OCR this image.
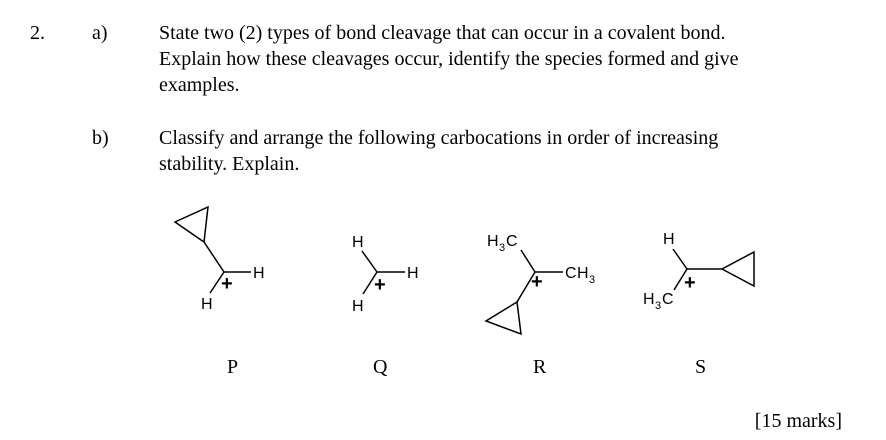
2. a)	State two (2) types of bond cleavage that can occur in a covalent bond.
Explain how these cleavages occur, identify the species formed and give
examples.
b)	Classify and arrange the following carbocations in order of increasing
stability. Explain.
H
H
H
H
H
H 3 C
C H 3
H
H 3 C
+	+	+	+
P	Q	R	S
[15 marks]
